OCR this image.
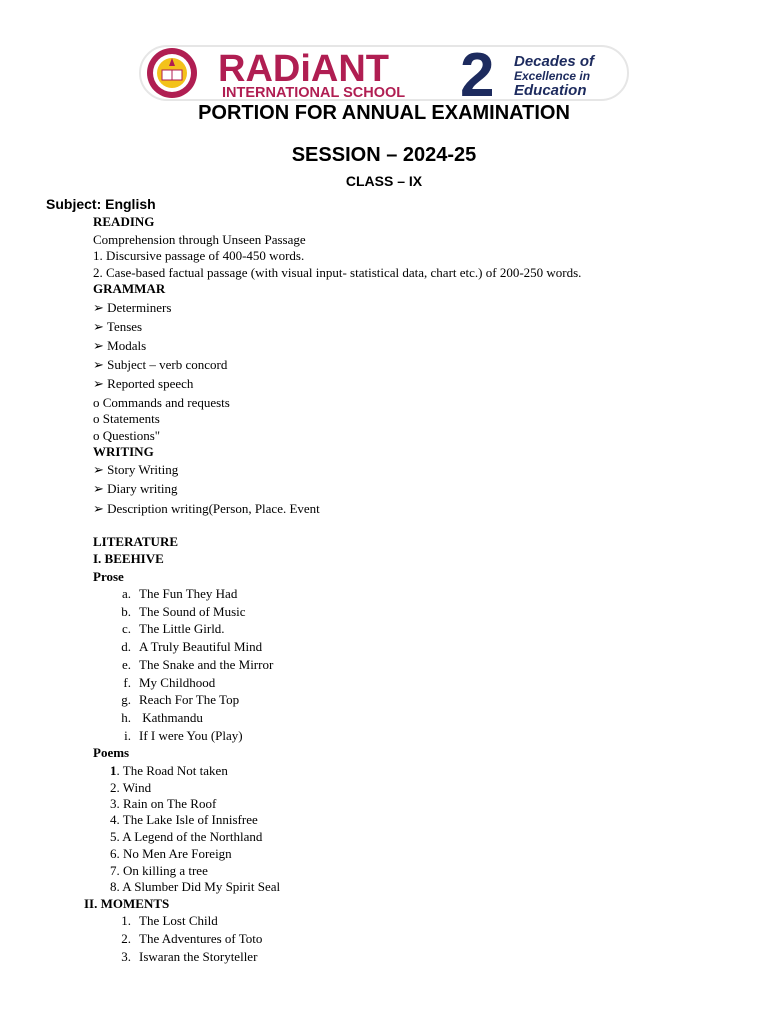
RADiANT
INTERNATIONAL SCHOOL 2 Decades of
Excellence in
Education
PORTION FOR ANNUAL EXAMINATION
SESSION – 2024-25
CLASS – IX
Subject: English
READING
Comprehension through Unseen Passage
1. Discursive passage of 400-450 words.
2. Case-based factual passage (with visual input- statistical data, chart etc.) of 200-250 words.
GRAMMAR
➢ Determiners
➢ Tenses
➢ Modals
➢ Subject – verb concord
➢ Reported speech
o Commands and requests
o Statements
o Questions"
WRITING
➢ Story Writing
➢ Diary writing
➢ Description writing(Person, Place. Event
LITERATURE
I. BEEHIVE
Prose
a. The Fun They Had
b. The Sound of Music
c. The Little Girld.
d. A Truly Beautiful Mind
e. The Snake and the Mirror
f. My Childhood
g. Reach For The Top
h. Kathmandu
i. If I were You (Play)
Poems
1. The Road Not taken
2. Wind
3. Rain on The Roof
4. The Lake Isle of Innisfree
5. A Legend of the Northland
6. No Men Are Foreign
7. On killing a tree
8. A Slumber Did My Spirit Seal
II. MOMENTS
1. The Lost Child
2. The Adventures of Toto
3. Iswaran the Storyteller
